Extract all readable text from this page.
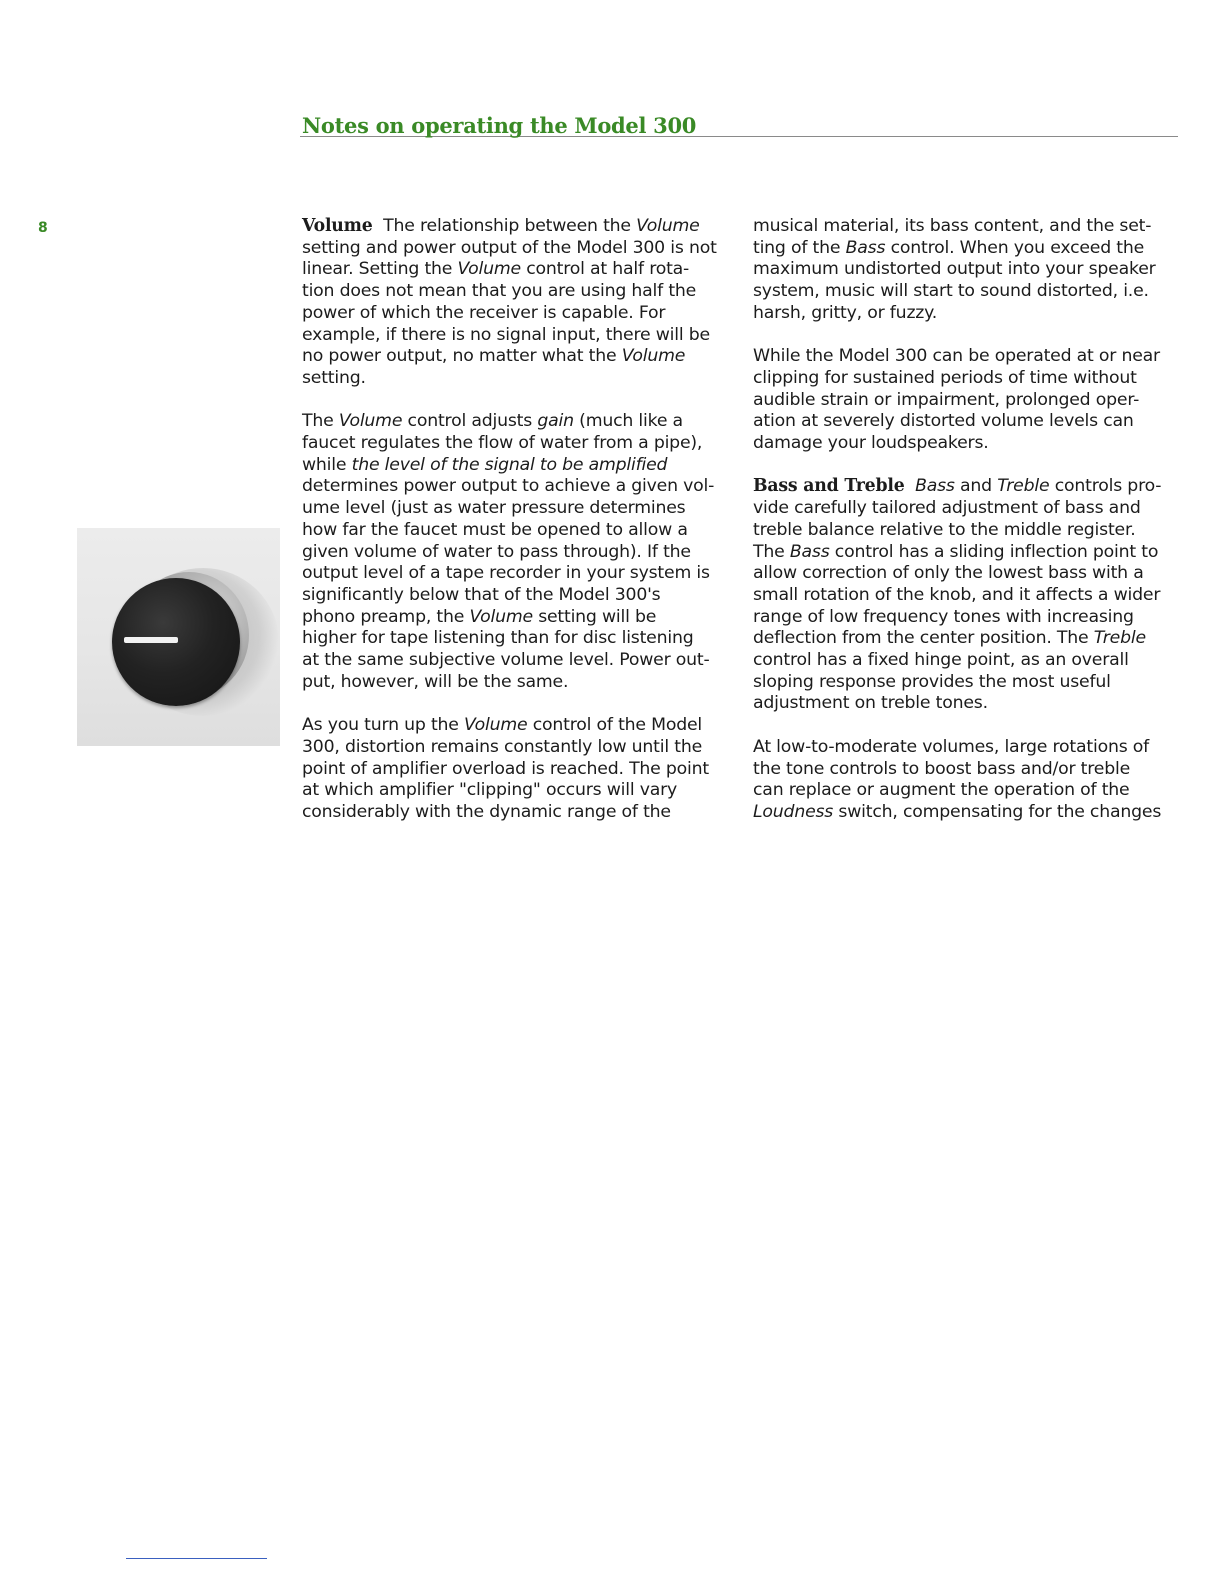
Notes on operating the Model 300
8	Volume The relationship between the Volume
setting and power output of the Model 300 is not
linear. Setting the Volume control at half rota-
tion does not mean that you are using half the
power of which the receiver is capable. For
example, if there is no signal input, there will be
no power output, no matter what the Volume
setting.
The Volume control adjusts gain (much like a
faucet regulates the flow of water from a pipe),
while the level of the signal to be amplified
determines power output to achieve a given vol-
ume level (just as water pressure determines
how far the faucet must be opened to allow a
given volume of water to pass through). If the
output level of a tape recorder in your system is
significantly below that of the Model 300's
phono preamp, the Volume setting will be
higher for tape listening than for disc listening
at the same subjective volume level. Power out-
put, however, will be the same.
As you turn up the Volume control of the Model
300, distortion remains constantly low until the
point of amplifier overload is reached. The point
at which amplifier "clipping" occurs will vary
considerably with the dynamic range of the
musical material, its bass content, and the set-
ting of the Bass control. When you exceed the
maximum undistorted output into your speaker
system, music will start to sound distorted, i.e.
harsh, gritty, or fuzzy.
While the Model 300 can be operated at or near
clipping for sustained periods of time without
audible strain or impairment, prolonged oper-
ation at severely distorted volume levels can
damage your loudspeakers.
Bass and Treble Bass and Treble controls pro-
vide carefully tailored adjustment of bass and
treble balance relative to the middle register.
The Bass control has a sliding inflection point to
allow correction of only the lowest bass with a
small rotation of the knob, and it affects a wider
range of low frequency tones with increasing
deflection from the center position. The Treble
control has a fixed hinge point, as an overall
sloping response provides the most useful
adjustment on treble tones.
At low-to-moderate volumes, large rotations of
the tone controls to boost bass and/or treble
can replace or augment the operation of the
Loudness switch, compensating for the changes
